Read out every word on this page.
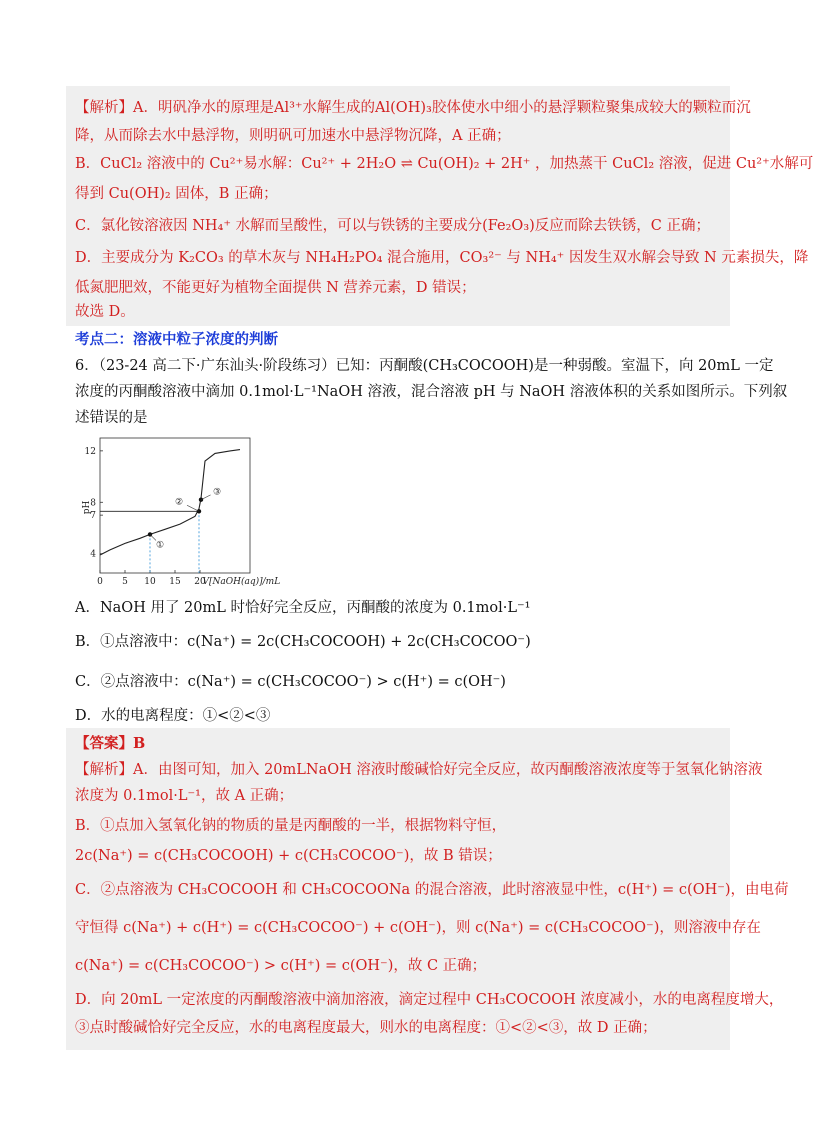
【解析】A．明矾净水的原理是Al³⁺水解生成的Al(OH)₃胶体使水中细小的悬浮颗粒聚集成较大的颗粒而沉
降，从而除去水中悬浮物，则明矾可加速水中悬浮物沉降，A 正确；
B．CuCl₂ 溶液中的 Cu²⁺易水解：Cu²⁺ + 2H₂O ⇌ Cu(OH)₂ + 2H⁺ ，加热蒸干 CuCl₂ 溶液，促进 Cu²⁺水解可
得到 Cu(OH)₂ 固体，B 正确；
C．氯化铵溶液因 NH₄⁺ 水解而呈酸性，可以与铁锈的主要成分(Fe₂O₃)反应而除去铁锈，C 正确；
D．主要成分为 K₂CO₃ 的草木灰与 NH₄H₂PO₄ 混合施用，CO₃²⁻ 与 NH₄⁺ 因发生双水解会导致 N 元素损失，降
低氮肥肥效，不能更好为植物全面提供 N 营养元素，D 错误；
故选 D。
考点二：溶液中粒子浓度的判断
6．（23-24 高二下·广东汕头·阶段练习）已知：丙酮酸(CH₃COCOOH)是一种弱酸。室温下，向 20mL 一定
浓度的丙酮酸溶液中滴加 0.1mol·L⁻¹NaOH 溶液，混合溶液 pH 与 NaOH 溶液体积的关系如图所示。下列叙
述错误的是
0 5 10 15 20
4
7
8
12
pH
V[NaOH(aq)]/mL
①
②
③
A．NaOH 用了 20mL 时恰好完全反应，丙酮酸的浓度为 0.1mol·L⁻¹
B．①点溶液中：c(Na⁺) = 2c(CH₃COCOOH) + 2c(CH₃COCOO⁻)
C．②点溶液中：c(Na⁺) = c(CH₃COCOO⁻) > c(H⁺) = c(OH⁻)
D．水的电离程度：①<②<③
【答案】B
【解析】A．由图可知，加入 20mLNaOH 溶液时酸碱恰好完全反应，故丙酮酸溶液浓度等于氢氧化钠溶液
浓度为 0.1mol·L⁻¹，故 A 正确；
B．①点加入氢氧化钠的物质的量是丙酮酸的一半，根据物料守恒，
2c(Na⁺) = c(CH₃COCOOH) + c(CH₃COCOO⁻)，故 B 错误；
C．②点溶液为 CH₃COCOOH 和 CH₃COCOONa 的混合溶液，此时溶液显中性，c(H⁺) = c(OH⁻)，由电荷
守恒得 c(Na⁺) + c(H⁺) = c(CH₃COCOO⁻) + c(OH⁻)，则 c(Na⁺) = c(CH₃COCOO⁻)，则溶液中存在
c(Na⁺) = c(CH₃COCOO⁻) > c(H⁺) = c(OH⁻)，故 C 正确；
D．向 20mL 一定浓度的丙酮酸溶液中滴加溶液，滴定过程中 CH₃COCOOH 浓度减小，水的电离程度增大，
③点时酸碱恰好完全反应，水的电离程度最大，则水的电离程度：①<②<③，故 D 正确；
